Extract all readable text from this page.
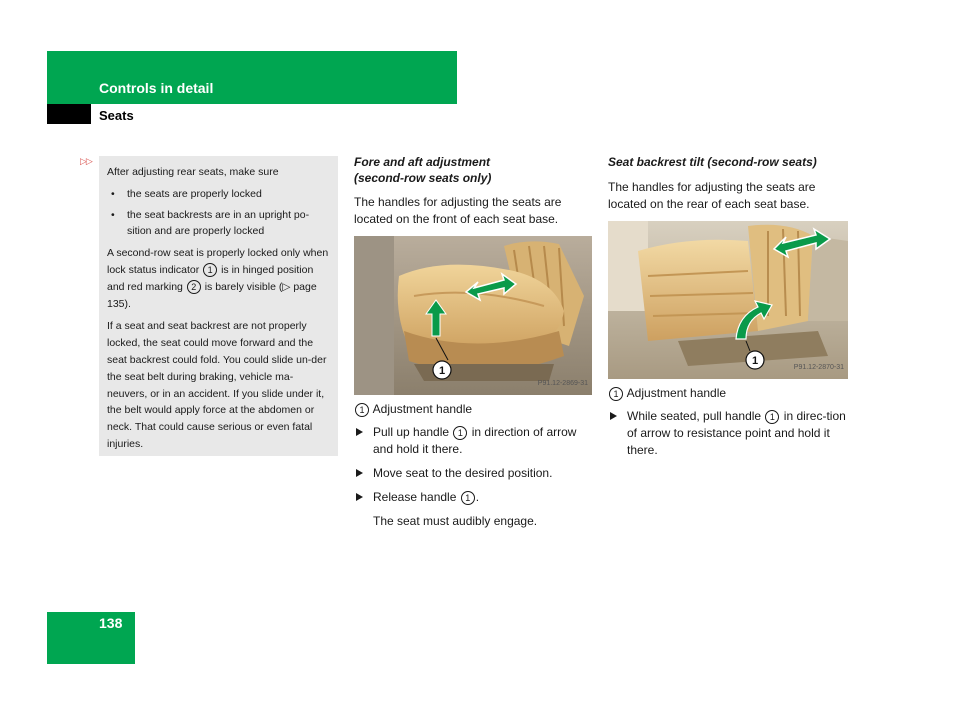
Controls in detail
Seats
▷▷

After adjusting rear seats, make sure

• the seats are properly locked
• the seat backrests are in an upright po-sition and are properly locked

A second-row seat is properly locked only when lock status indicator 1 is in hinged position and red marking 2 is barely visible (▷ page 135).

If a seat and seat backrest are not properly locked, the seat could move forward and the seat backrest could fold. You could slide un-der the seat belt during braking, vehicle ma-neuvers, or in an accident. If you slide under it, the belt would apply force at the abdomen or neck. That could cause serious or even fatal injuries.

Fore and aft adjustment
(second-row seats only)

The handles for adjusting the seats are located on the front of each seat base.

1
P91.12-2869-31

1 Adjustment handle

Pull up handle 1 in direction of arrow and hold it there.
Move seat to the desired position.
Release handle 1 .

The seat must audibly engage.

Seat backrest tilt (second-row seats)

The handles for adjusting the seats are located on the rear of each seat base.

1
P91.12-2870-31

1 Adjustment handle

While seated, pull handle 1 in direc-tion of arrow to resistance point and hold it there.
138
